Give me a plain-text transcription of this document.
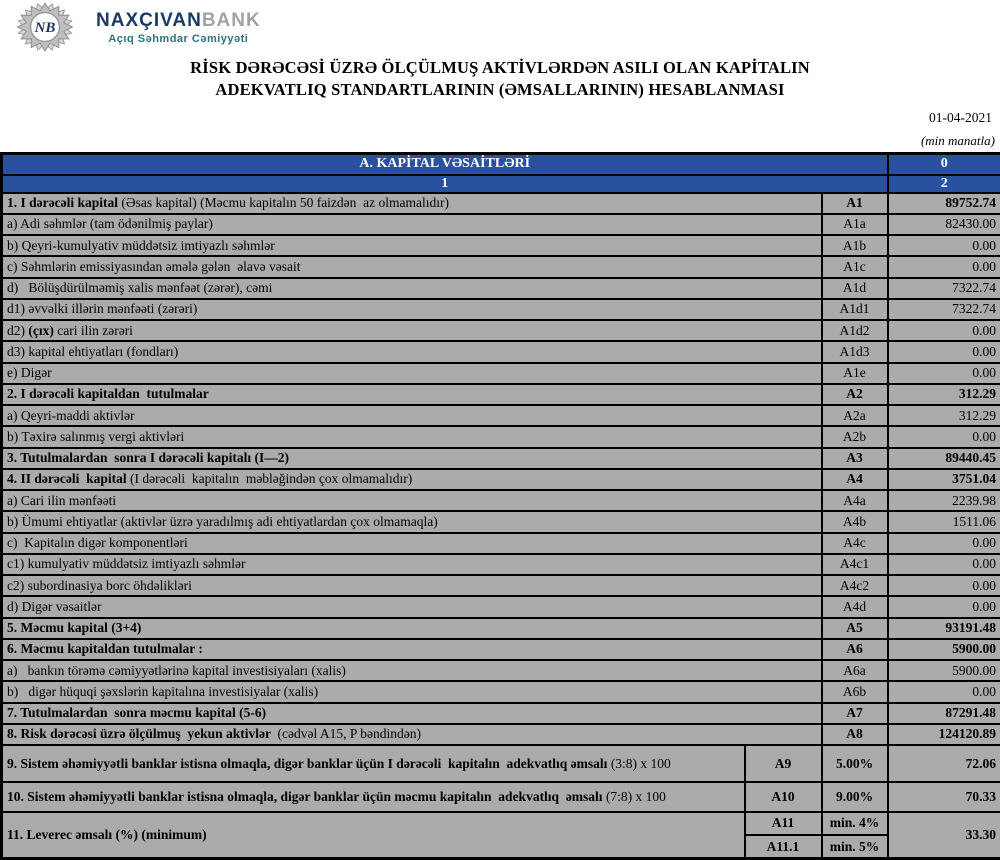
NB NAXÇIVANBANK
Açıq Səhmdar Cəmiyyəti
RİSK DƏRƏCƏSİ ÜZRƏ ÖLÇÜLMUŞ AKTİVLƏRDƏN ASILI OLAN KAPİTALIN
ADEKVATLIQ STANDARTLARININ (ƏMSALLARININ) HESABLANMASI
01-04-2021
(min manatla)
A. KAPİTAL VƏSAİTLƏRİ			0
1			2
1. I dərəcəli kapital (Əsas kapital) (Məcmu kapitalın 50 faizdən  az olmamalıdır)		A1	89752.74
a) Adi səhmlər (tam ödənilmiş paylar)		A1a	82430.00
b) Qeyri-kumulyativ müddətsiz imtiyazlı səhmlər		A1b	0.00
c) Səhmlərin emissiyasından əmələ gələn  əlavə vəsait		A1c	0.00
d)   Bölüşdürülməmiş xalis mənfəət (zərər), cəmi		A1d	7322.74
d1) əvvəlki illərin mənfəəti (zərəri)		A1d1	7322.74
d2) (çıx) cari ilin zərəri		A1d2	0.00
d3) kapital ehtiyatları (fondları)		A1d3	0.00
e) Digər		A1e	0.00
2. I dərəcəli kapitaldan  tutulmalar		A2	312.29
a) Qeyri-maddi aktivlər		A2a	312.29
b) Təxirə salınmış vergi aktivləri		A2b	0.00
3. Tutulmalardan  sonra I dərəcəli kapitalı (I—2)		A3	89440.45
4. II dərəcəli  kapital (I dərəcəli  kapitalın  məbləğindən çox olmamalıdır)		A4	3751.04
a) Cari ilin mənfəəti		A4a	2239.98
b) Ümumi ehtiyatlar (aktivlər üzrə yaradılmış adi ehtiyatlardan çox olmamaqla)		A4b	1511.06
c)  Kapitalın digər komponentləri		A4c	0.00
c1) kumulyativ müddətsiz imtiyazlı səhmlər		A4c1	0.00
c2) subordinasiya borc öhdəlikləri		A4c2	0.00
d) Digər vəsaitlər		A4d	0.00
5. Məcmu kapital (3+4)		A5	93191.48
6. Məcmu kapitaldan tutulmalar :		A6	5900.00
a)   bankın törəmə cəmiyyətlərinə kapital investisiyaları (xalis)		A6a	5900.00
b)   digər hüquqi şəxslərin kapitalına investisiyalar (xalis)		A6b	0.00
7. Tutulmalardan  sonra məcmu kapital (5-6)		A7	87291.48
8. Risk dərəcəsi üzrə ölçülmuş  yekun aktivlər  (cədvəl A15, P bəndindən)		A8	124120.89
9. Sistem əhəmiyyətli banklar istisna olmaqla, digər banklar üçün I dərəcəli  kapitalın  adekvatlıq əmsalı (3:8) x 100	A9	5.00%	72.06
10. Sistem əhəmiyyətli banklar istisna olmaqla, digər banklar üçün məcmu kapitalın  adekvatlıq  əmsalı (7:8) x 100	A10	9.00%	70.33
11. Leverec əmsalı (%) (minimum)	A11	min. 4%	33.30
	A11.1	min. 5%	
